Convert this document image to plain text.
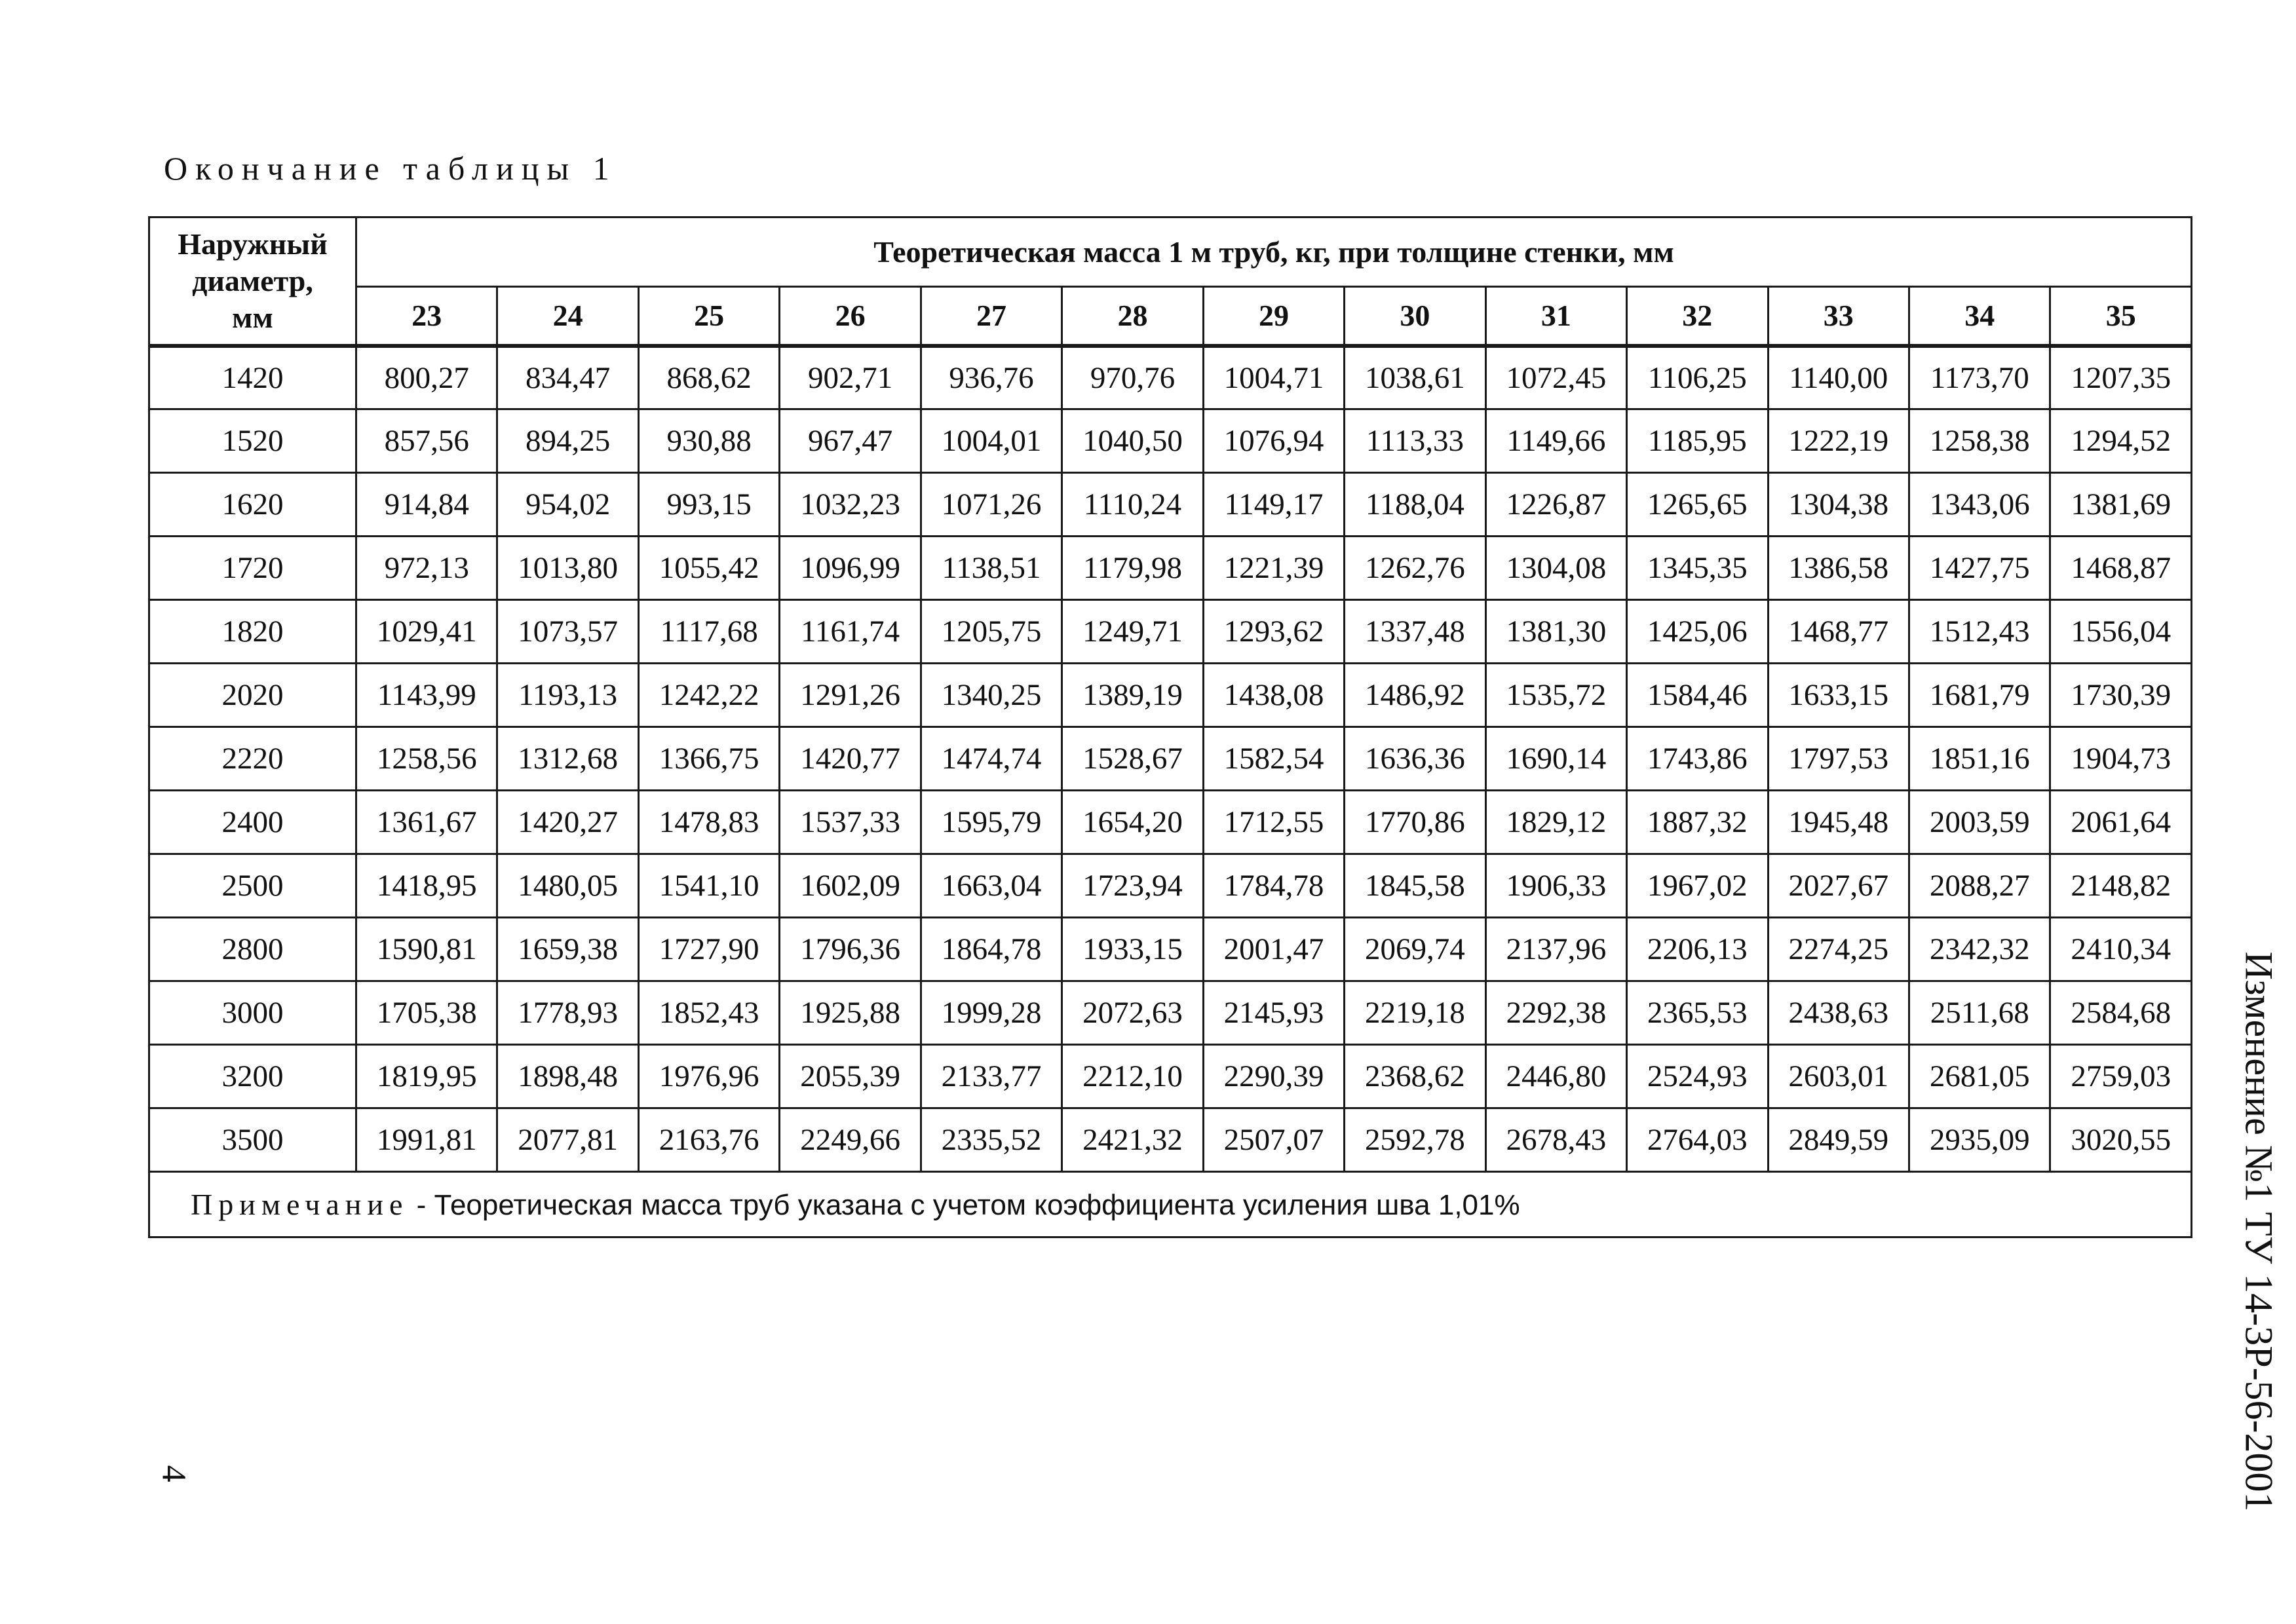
Окончание таблицы 1
Наружный
диаметр,
мм	Теоретическая масса 1 м труб, кг, при толщине стенки, мм												
	23	24	25	26	27	28	29	30	31	32	33	34	35
1420	800,27	834,47	868,62	902,71	936,76	970,76	1004,71	1038,61	1072,45	1106,25	1140,00	1173,70	1207,35
1520	857,56	894,25	930,88	967,47	1004,01	1040,50	1076,94	1113,33	1149,66	1185,95	1222,19	1258,38	1294,52
1620	914,84	954,02	993,15	1032,23	1071,26	1110,24	1149,17	1188,04	1226,87	1265,65	1304,38	1343,06	1381,69
1720	972,13	1013,80	1055,42	1096,99	1138,51	1179,98	1221,39	1262,76	1304,08	1345,35	1386,58	1427,75	1468,87
1820	1029,41	1073,57	1117,68	1161,74	1205,75	1249,71	1293,62	1337,48	1381,30	1425,06	1468,77	1512,43	1556,04
2020	1143,99	1193,13	1242,22	1291,26	1340,25	1389,19	1438,08	1486,92	1535,72	1584,46	1633,15	1681,79	1730,39
2220	1258,56	1312,68	1366,75	1420,77	1474,74	1528,67	1582,54	1636,36	1690,14	1743,86	1797,53	1851,16	1904,73
2400	1361,67	1420,27	1478,83	1537,33	1595,79	1654,20	1712,55	1770,86	1829,12	1887,32	1945,48	2003,59	2061,64
2500	1418,95	1480,05	1541,10	1602,09	1663,04	1723,94	1784,78	1845,58	1906,33	1967,02	2027,67	2088,27	2148,82
2800	1590,81	1659,38	1727,90	1796,36	1864,78	1933,15	2001,47	2069,74	2137,96	2206,13	2274,25	2342,32	2410,34
3000	1705,38	1778,93	1852,43	1925,88	1999,28	2072,63	2145,93	2219,18	2292,38	2365,53	2438,63	2511,68	2584,68
3200	1819,95	1898,48	1976,96	2055,39	2133,77	2212,10	2290,39	2368,62	2446,80	2524,93	2603,01	2681,05	2759,03
3500	1991,81	2077,81	2163,76	2249,66	2335,52	2421,32	2507,07	2592,78	2678,43	2764,03	2849,59	2935,09	3020,55
Примечание - Теоретическая масса труб указана с учетом коэффициента усиления шва 1,01%													
4	Изменение №1 ТУ 14-3Р-56-2001
